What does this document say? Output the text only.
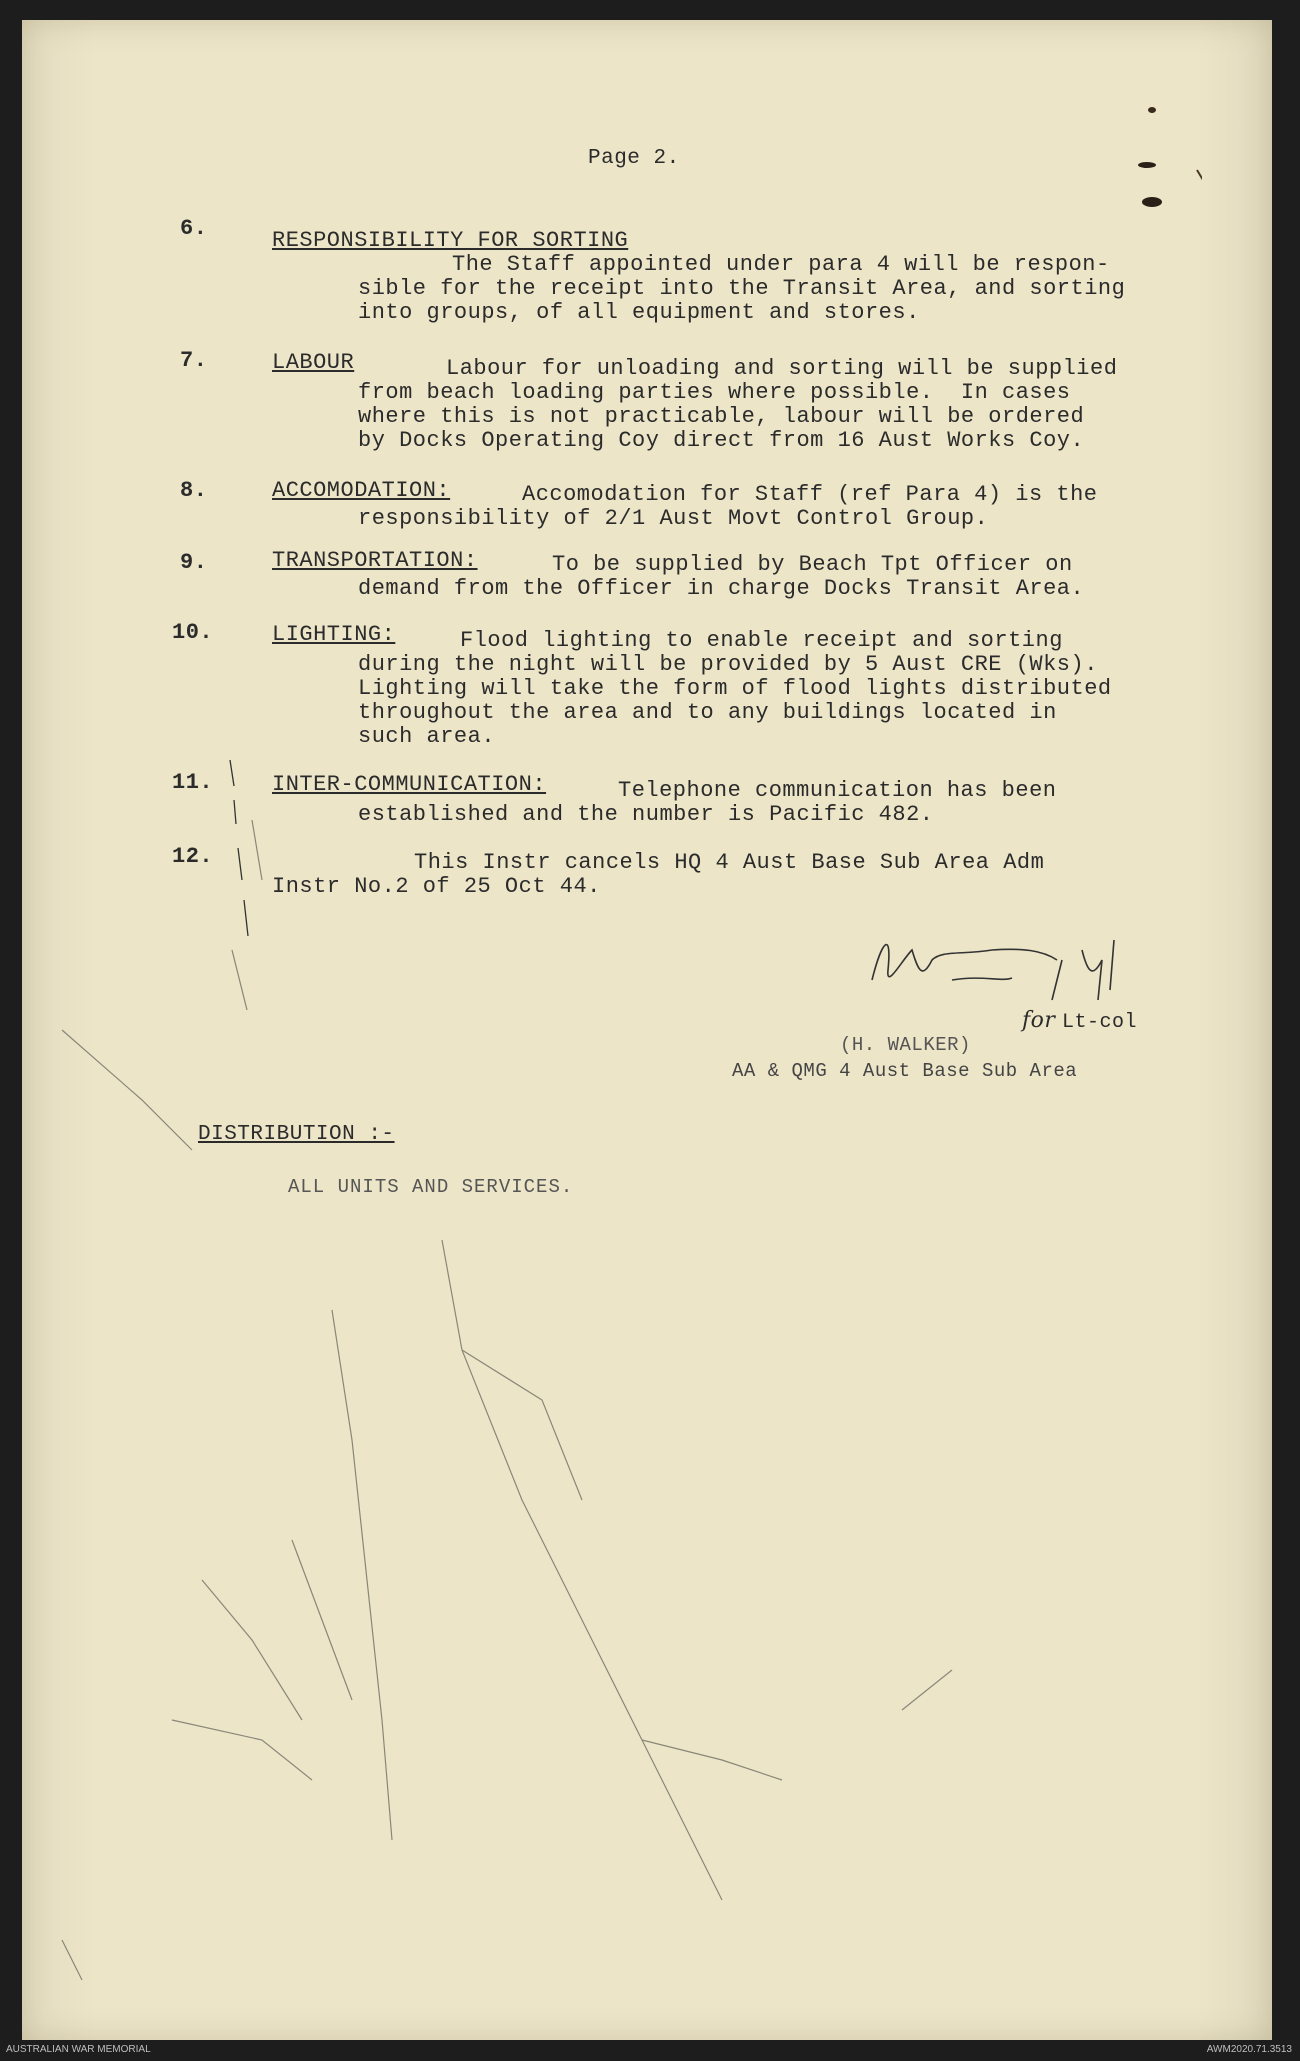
Page 2.
6.	RESPONSIBILITY FOR SORTING
The Staff appointed under para 4 will be respon-
sible for the receipt into the Transit Area, and sorting
into groups, of all equipment and stores.
7.	LABOUR	Labour for unloading and sorting will be supplied
from beach loading parties where possible.  In cases
where this is not practicable, labour will be ordered
by Docks Operating Coy direct from 16 Aust Works Coy.
8.	ACCOMODATION:	Accomodation for Staff (ref Para 4) is the
responsibility of 2/1 Aust Movt Control Group.
9.	TRANSPORTATION:	To be supplied by Beach Tpt Officer on
demand from the Officer in charge Docks Transit Area.
10.	LIGHTING:	Flood lighting to enable receipt and sorting
during the night will be provided by 5 Aust CRE (Wks).
Lighting will take the form of flood lights distributed
throughout the area and to any buildings located in
such area.
11.	INTER-COMMUNICATION:	Telephone communication has been
established and the number is Pacific 482.
12.	This Instr cancels HQ 4 Aust Base Sub Area Adm
Instr No.2 of 25 Oct 44.
for Lt-col
(H. WALKER)
AA & QMG 4 Aust Base Sub Area
DISTRIBUTION :-
ALL UNITS AND SERVICES.
AUSTRALIAN WAR MEMORIAL	AWM2020.71.3513
